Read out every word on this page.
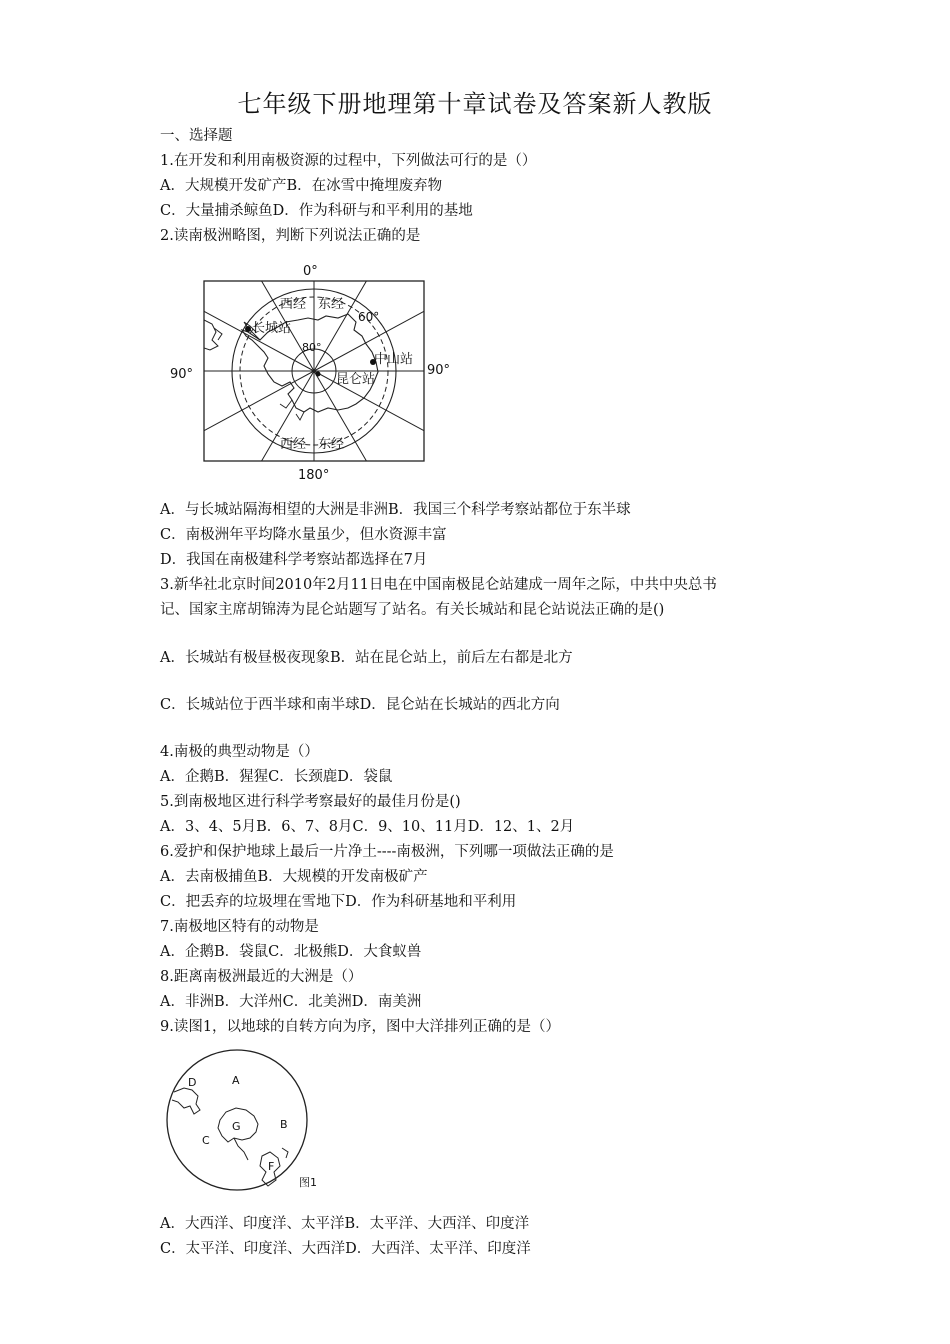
七年级下册地理第十章试卷及答案新人教版
一、选择题
1.在开发和利用南极资源的过程中，下列做法可行的是（）
A．大规模开发矿产B．在冰雪中掩埋废弃物
C．大量捕杀鲸鱼D．作为科研与和平利用的基地
2.读南极洲略图，判断下列说法正确的是
0°
180°
90°	90°
西经 东经
西经 东经
60°
80°
长城站
中山站
昆仑站
A．与长城站隔海相望的大洲是非洲B．我国三个科学考察站都位于东半球
C．南极洲年平均降水量虽少，但水资源丰富
D．我国在南极建科学考察站都选择在7月
3.新华社北京时间2010年2月11日电在中国南极昆仑站建成一周年之际，中共中央总书
记、国家主席胡锦涛为昆仑站题写了站名。有关长城站和昆仑站说法正确的是()
A．长城站有极昼极夜现象B．站在昆仑站上，前后左右都是北方
C．长城站位于西半球和南半球D．昆仑站在长城站的西北方向
4.南极的典型动物是（）
A．企鹅B．猩猩C．长颈鹿D．袋鼠
5.到南极地区进行科学考察最好的最佳月份是()
A．3、4、5月B．6、7、8月C．9、10、11月D．12、1、2月
6.爱护和保护地球上最后一片净土----南极洲，下列哪一项做法正确的是
A．去南极捕鱼B．大规模的开发南极矿产
C．把丢弃的垃圾埋在雪地下D．作为科研基地和平利用
7.南极地区特有的动物是
A．企鹅B．袋鼠C．北极熊D．大食蚁兽
8.距离南极洲最近的大洲是（）
A．非洲B．大洋州C．北美洲D．南美洲
9.读图1，以地球的自转方向为序，图中大洋排列正确的是（）
A
B
C
D
F
G
图1
A．大西洋、印度洋、太平洋B．太平洋、大西洋、印度洋
C．太平洋、印度洋、大西洋D．大西洋、太平洋、印度洋
